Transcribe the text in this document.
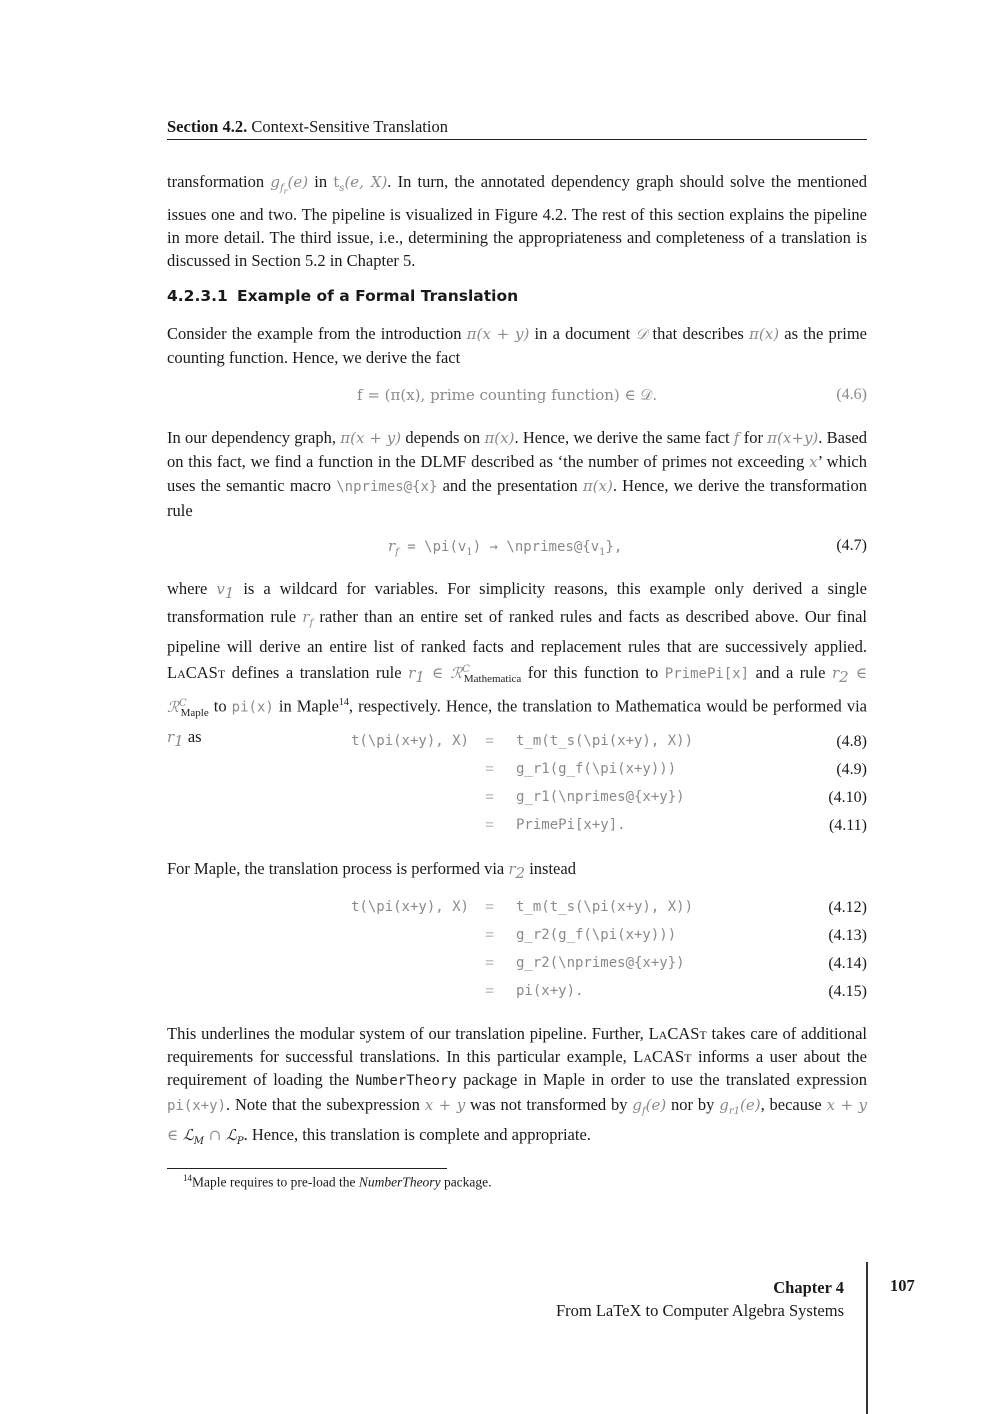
Section 4.2. Context-Sensitive Translation
transformation $g_{f_r}(e)$ in $t_s(e$, X). In turn, the annotated dependency graph should solve the mentioned issues one and two. The pipeline is visualized in Figure 4.2. The rest of this section explains the pipeline in more detail. The third issue, i.e., determining the appropriateness and completeness of a translation is discussed in Section 5.2 in Chapter 5.
4.2.3.1 Example of a Formal Translation
Consider the example from the introduction π(x + y) in a document 𝒟 that describes π(x) as the prime counting function. Hence, we derive the fact
f = (π(x), prime counting function) ∈ 𝒟.	(4.6)
In our dependency graph, π(x + y) depends on π(x). Hence, we derive the same fact f for π(x+y). Based on this fact, we find a function in the DLMF described as ‘the number of primes not exceeding x’ which uses the semantic macro \nprimes@{x} and the presentation π(x). Hence, we derive the transformation rule
$r_f$ = $\backslash pi(v_1)$ → $\backslash nprimes@\{v_1\}$,	(4.7)
where $v_1$ is a wildcard for variables. For simplicity reasons, this example only derived a single transformation rule $r_f$ rather than an entire set of ranked rules and facts as described above. Our final pipeline will derive an entire list of ranked facts and replacement rules that are successively applied. LaCASt defines a translation rule $r_1$ ∈ ℛ$^C_{Mathematica}$ for this function to PrimePi[x] and a rule $r_2$ ∈ ℛ$^C_{Maple}$ to pi(x) in Maple$^{14}$, respectively. Hence, the translation to Mathematica would be performed via $r_1$ as	t(\pi(x+y), X) = t_m(t_s(\pi(x+y), X))	(4.8)
= g_r1(g_f(\pi(x+y)))	(4.9)
= g_r1(\nprimes@{x+y})	(4.10)
= PrimePi[x+y].	(4.11)
For Maple, the translation process is performed via $r_2$ instead
t(\pi(x+y), X) = t_m(t_s(\pi(x+y), X))	(4.12)
= g_r2(g_f(\pi(x+y)))	(4.13)
= g_r2(\nprimes@{x+y})	(4.14)
= pi(x+y).	(4.15)
This underlines the modular system of our translation pipeline. Further, LaCASt takes care of additional requirements for successful translations. In this particular example, LaCASt informs a user about the requirement of loading the NumberTheory package in Maple in order to use the translated expression pi(x+y). Note that the subexpression x + y was not transformed by $g_f(e)$ nor by $g_{r1}(e)$, because x + y ∈ ℒ$_M$ ∩ ℒ$_P$. Hence, this translation is complete and appropriate.
$^{14}$Maple requires to pre-load the NumberTheory package.
Chapter 4
From LaTeX to Computer Algebra Systems
107
